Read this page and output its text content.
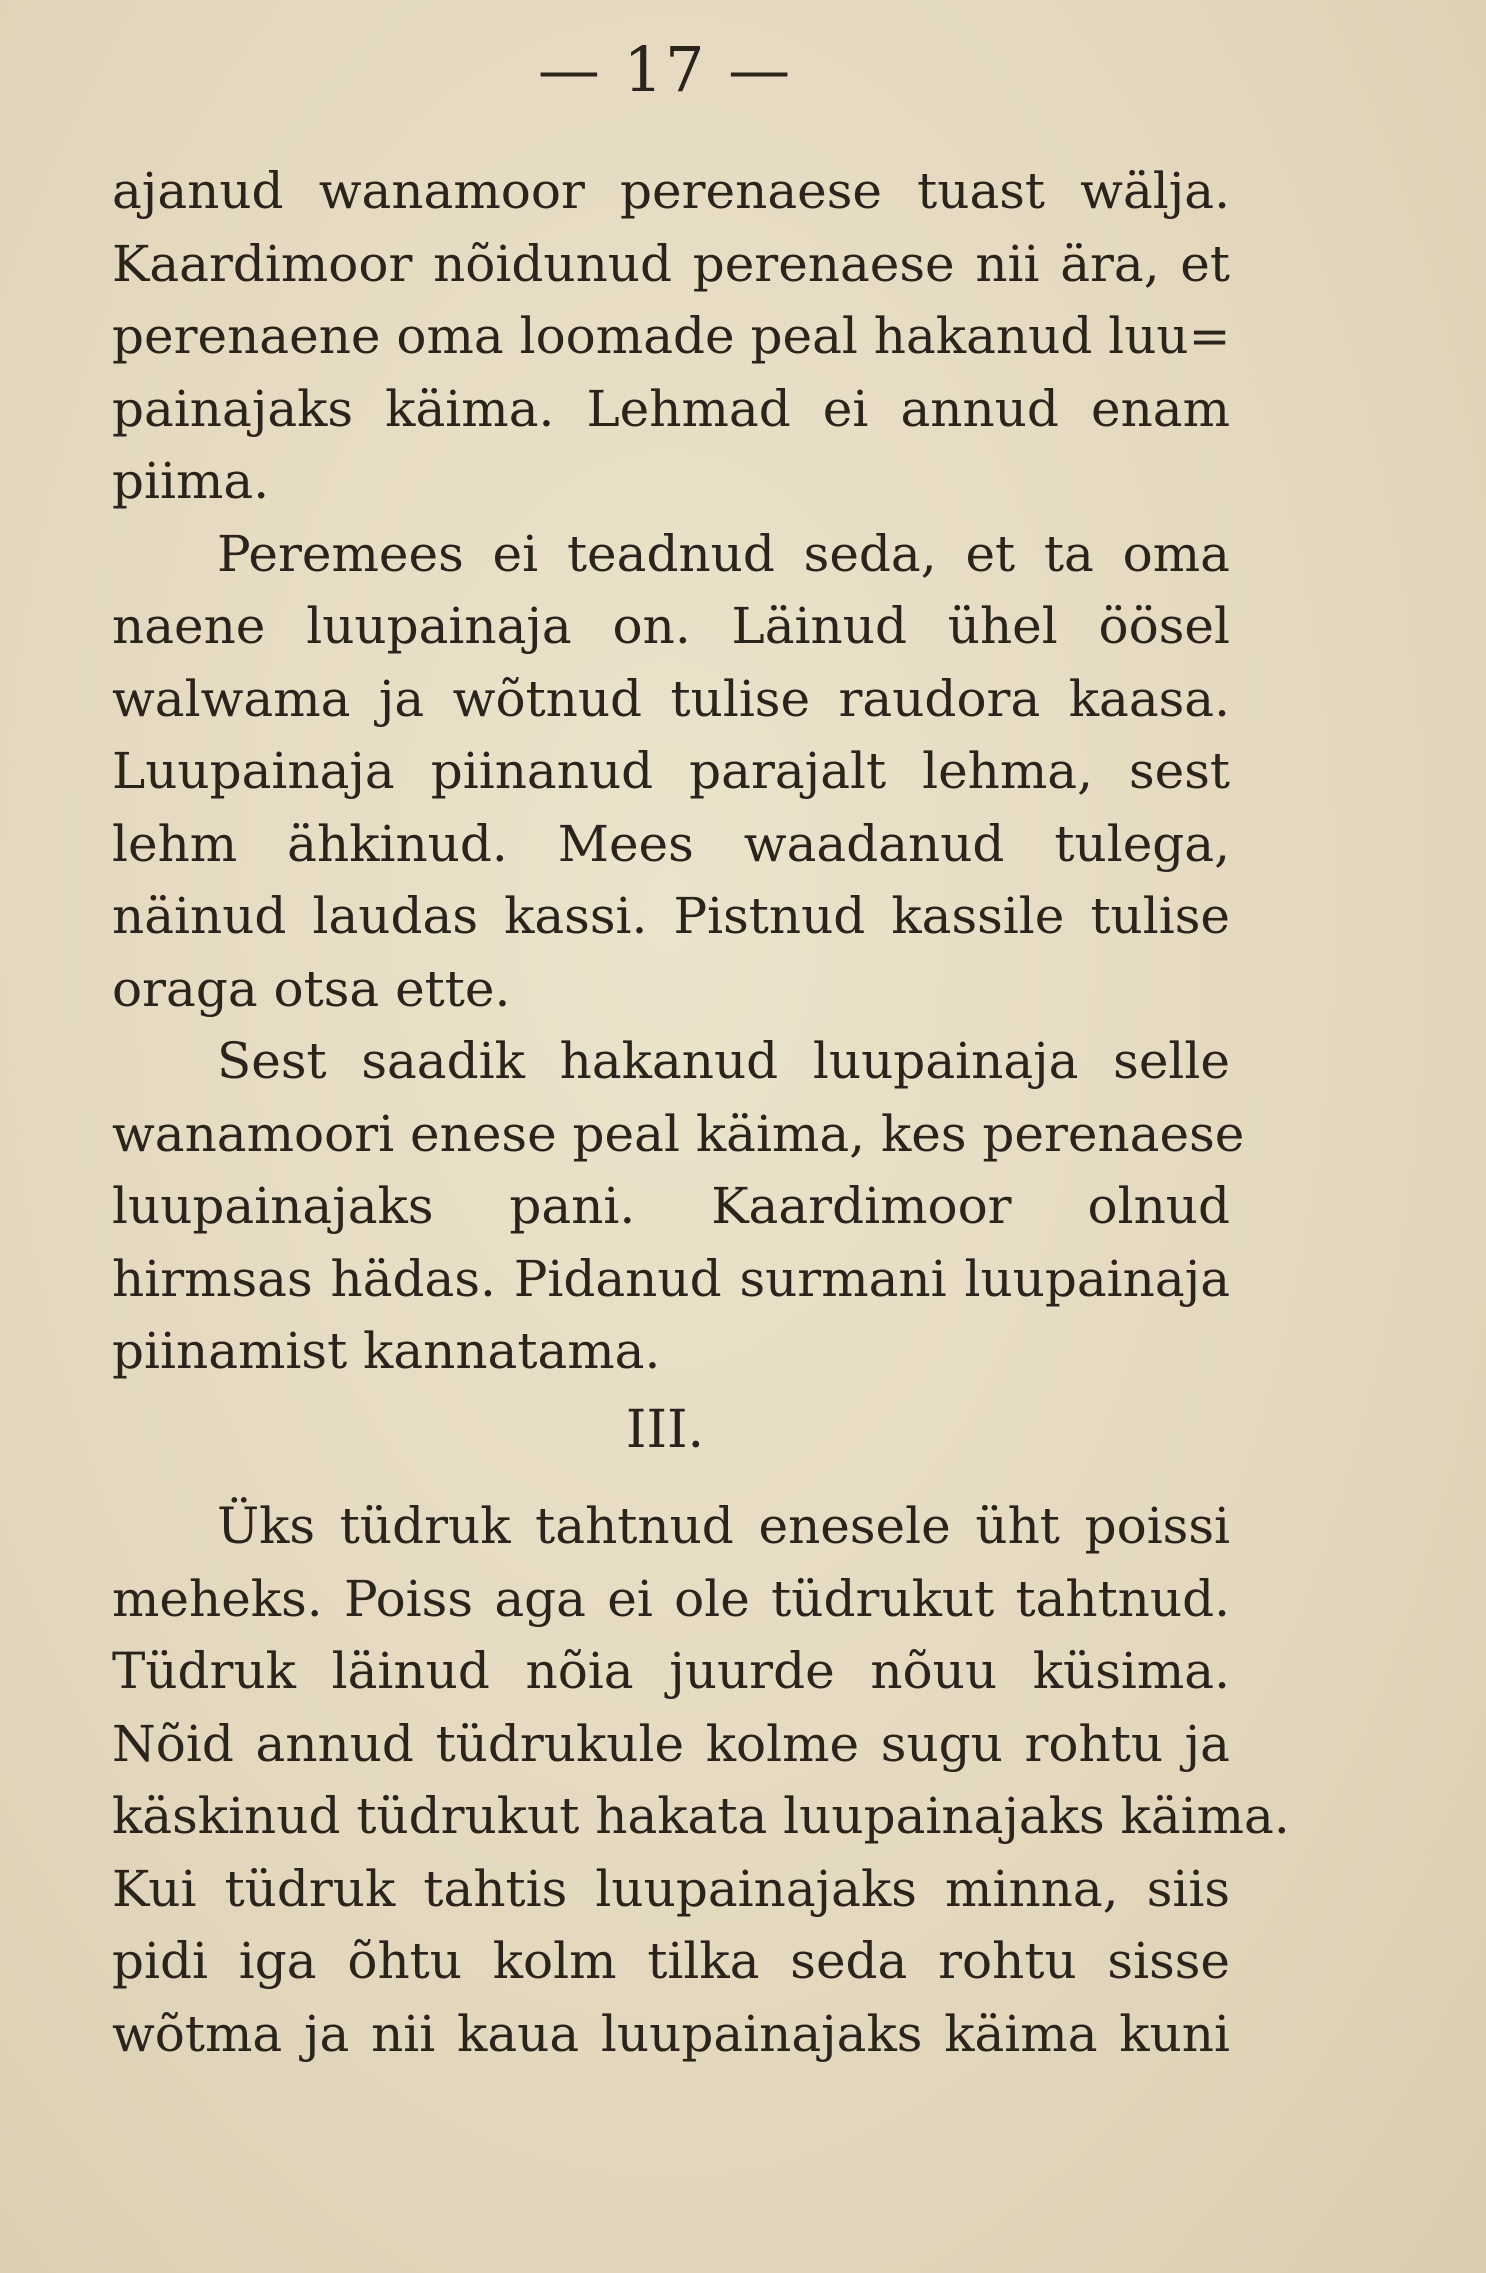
— 17 —
ajanud wanamoor perenaese tuast wälja.
Kaardimoor nõidunud perenaese nii ära, et
perenaene oma loomade peal hakanud luu=
painajaks käima. Lehmad ei annud enam
piima.
Peremees ei teadnud seda, et ta oma
naene luupainaja on. Läinud ühel öösel
walwama ja wõtnud tulise raudora kaasa.
Luupainaja piinanud parajalt lehma, sest
lehm ähkinud. Mees waadanud tulega,
näinud laudas kassi. Pistnud kassile tulise
oraga otsa ette.
Sest saadik hakanud luupainaja selle
wanamoori enese peal käima, kes perenaese
luupainajaks pani. Kaardimoor olnud
hirmsas hädas. Pidanud surmani luupainaja
piinamist kannatama.
III.
Üks tüdruk tahtnud enesele üht poissi
meheks. Poiss aga ei ole tüdrukut tahtnud.
Tüdruk läinud nõia juurde nõuu küsima.
Nõid annud tüdrukule kolme sugu rohtu ja
käskinud tüdrukut hakata luupainajaks käima.
Kui tüdruk tahtis luupainajaks minna, siis
pidi iga õhtu kolm tilka seda rohtu sisse
wõtma ja nii kaua luupainajaks käima kuni
